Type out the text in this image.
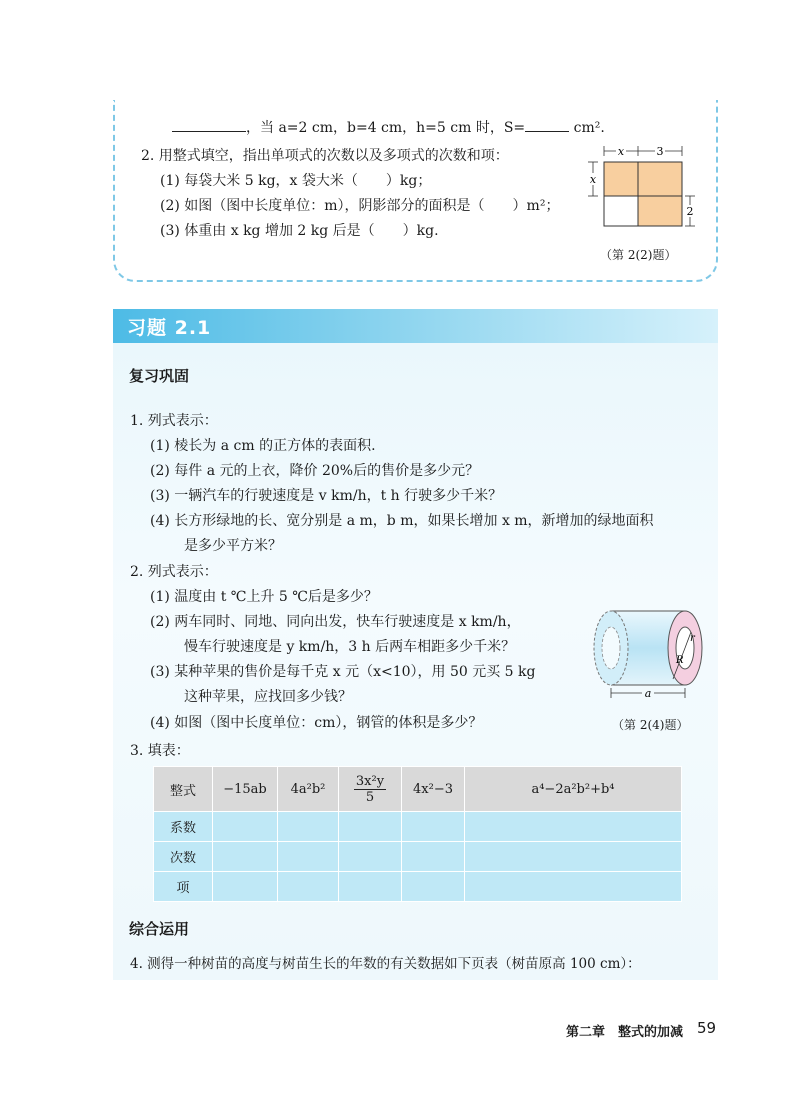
，当 a=2 cm，b=4 cm，h=5 cm 时，S=	cm².
2. 用整式填空，指出单项式的次数以及多项式的次数和项：
(1) 每袋大米 5 kg，x 袋大米（　　）kg；
(2) 如图（图中长度单位：m），阴影部分的面积是（　　）m²；
(3) 体重由 x kg 增加 2 kg 后是（　　）kg.
x	3
x
2
（第 2(2)题）
习题 2.1
复习巩固
1. 列式表示：
(1) 棱长为 a cm 的正方体的表面积.
(2) 每件 a 元的上衣，降价 20%后的售价是多少元？
(3) 一辆汽车的行驶速度是 v km/h，t h 行驶多少千米？
(4) 长方形绿地的长、宽分别是 a m，b m，如果长增加 x m，新增加的绿地面积
是多少平方米？
2. 列式表示：
(1) 温度由 t ℃上升 5 ℃后是多少？
(2) 两车同时、同地、同向出发，快车行驶速度是 x km/h，
慢车行驶速度是 y km/h，3 h 后两车相距多少千米？
(3) 某种苹果的售价是每千克 x 元（x<10），用 50 元买 5 kg
这种苹果，应找回多少钱？
(4) 如图（图中长度单位：cm），钢管的体积是多少？
r
R
a
（第 2(4)题）
3. 填表：
整式	−15ab	4a²b²	$\frac{\text{3x²y}}{5}$	4x²−3	a⁴−2a²b²+b⁴
系数					
次数					
项					
综合运用
4. 测得一种树苗的高度与树苗生长的年数的有关数据如下页表（树苗原高 100 cm）：
第二章　整式的加减 59
